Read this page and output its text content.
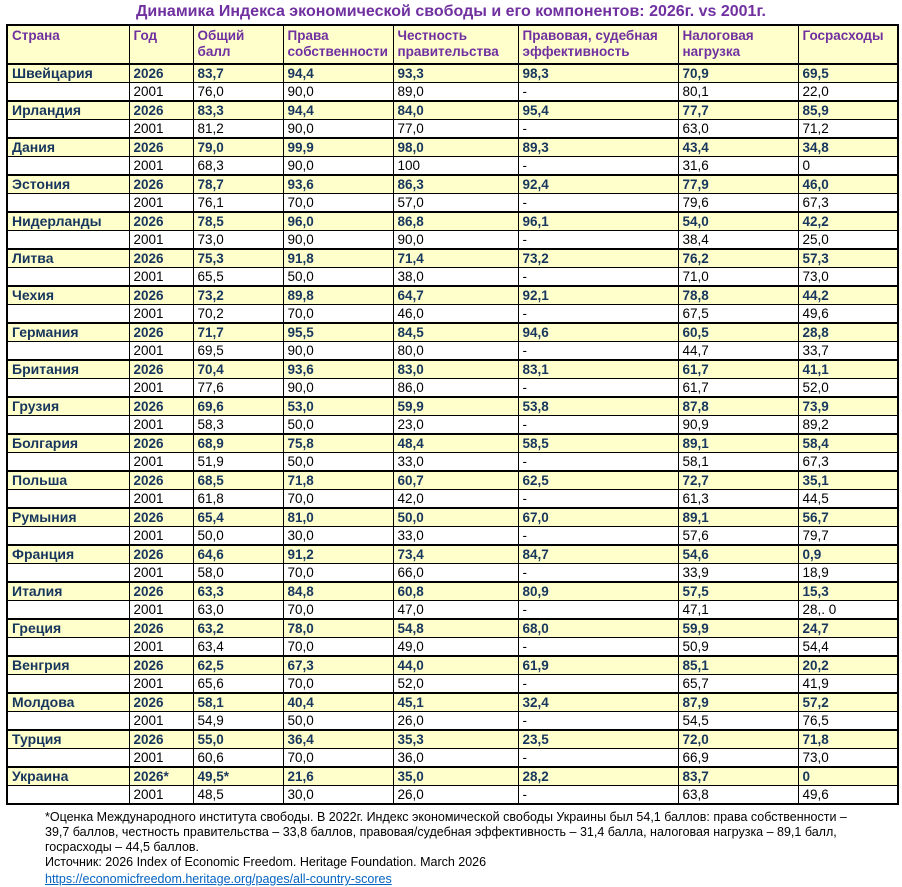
Динамика Индекса экономической свободы и его компонентов: 2026г. vs 2001г.
Страна	Год	Общий балл	Права собственности	Честность правительства	Правовая, судебная эффективность	Налоговая нагрузка	Госрасходы
Швейцария	2026	83,7	94,4	93,3	98,3	70,9	69,5
	2001	76,0	90,0	89,0	-	80,1	22,0
Ирландия	2026	83,3	94,4	84,0	95,4	77,7	85,9
	2001	81,2	90,0	77,0	-	63,0	71,2
Дания	2026	79,0	99,9	98,0	89,3	43,4	34,8
	2001	68,3	90,0	100	-	31,6	0
Эстония	2026	78,7	93,6	86,3	92,4	77,9	46,0
	2001	76,1	70,0	57,0	-	79,6	67,3
Нидерланды	2026	78,5	96,0	86,8	96,1	54,0	42,2
	2001	73,0	90,0	90,0	-	38,4	25,0
Литва	2026	75,3	91,8	71,4	73,2	76,2	57,3
	2001	65,5	50,0	38,0	-	71,0	73,0
Чехия	2026	73,2	89,8	64,7	92,1	78,8	44,2
	2001	70,2	70,0	46,0	-	67,5	49,6
Германия	2026	71,7	95,5	84,5	94,6	60,5	28,8
	2001	69,5	90,0	80,0	-	44,7	33,7
Британия	2026	70,4	93,6	83,0	83,1	61,7	41,1
	2001	77,6	90,0	86,0	-	61,7	52,0
Грузия	2026	69,6	53,0	59,9	53,8	87,8	73,9
	2001	58,3	50,0	23,0	-	90,9	89,2
Болгария	2026	68,9	75,8	48,4	58,5	89,1	58,4
	2001	51,9	50,0	33,0	-	58,1	67,3
Польша	2026	68,5	71,8	60,7	62,5	72,7	35,1
	2001	61,8	70,0	42,0	-	61,3	44,5
Румыния	2026	65,4	81,0	50,0	67,0	89,1	56,7
	2001	50,0	30,0	33,0	-	57,6	79,7
Франция	2026	64,6	91,2	73,4	84,7	54,6	0,9
	2001	58,0	70,0	66,0	-	33,9	18,9
Италия	2026	63,3	84,8	60,8	80,9	57,5	15,3
	2001	63,0	70,0	47,0	-	47,1	28,. 0
Греция	2026	63,2	78,0	54,8	68,0	59,9	24,7
	2001	63,4	70,0	49,0	-	50,9	54,4
Венгрия	2026	62,5	67,3	44,0	61,9	85,1	20,2
	2001	65,6	70,0	52,0	-	65,7	41,9
Молдова	2026	58,1	40,4	45,1	32,4	87,9	57,2
	2001	54,9	50,0	26,0	-	54,5	76,5
Турция	2026	55,0	36,4	35,3	23,5	72,0	71,8
	2001	60,6	70,0	36,0	-	66,9	73,0
Украина	2026*	49,5*	21,6	35,0	28,2	83,7	0
	2001	48,5	30,0	26,0	-	63,8	49,6
*Оценка Международного института свободы. В 2022г. Индекс экономической свободы Украины был 54,1 баллов: права собственности –
39,7 баллов, честность правительства – 33,8 баллов, правовая/судебная эффективность – 31,4 балла, налоговая нагрузка – 89,1 балл,
госрасходы – 44,5 баллов.
Источник: 2026 Index of Economic Freedom. Heritage Foundation. March 2026
https://economicfreedom.heritage.org/pages/all-country-scores
